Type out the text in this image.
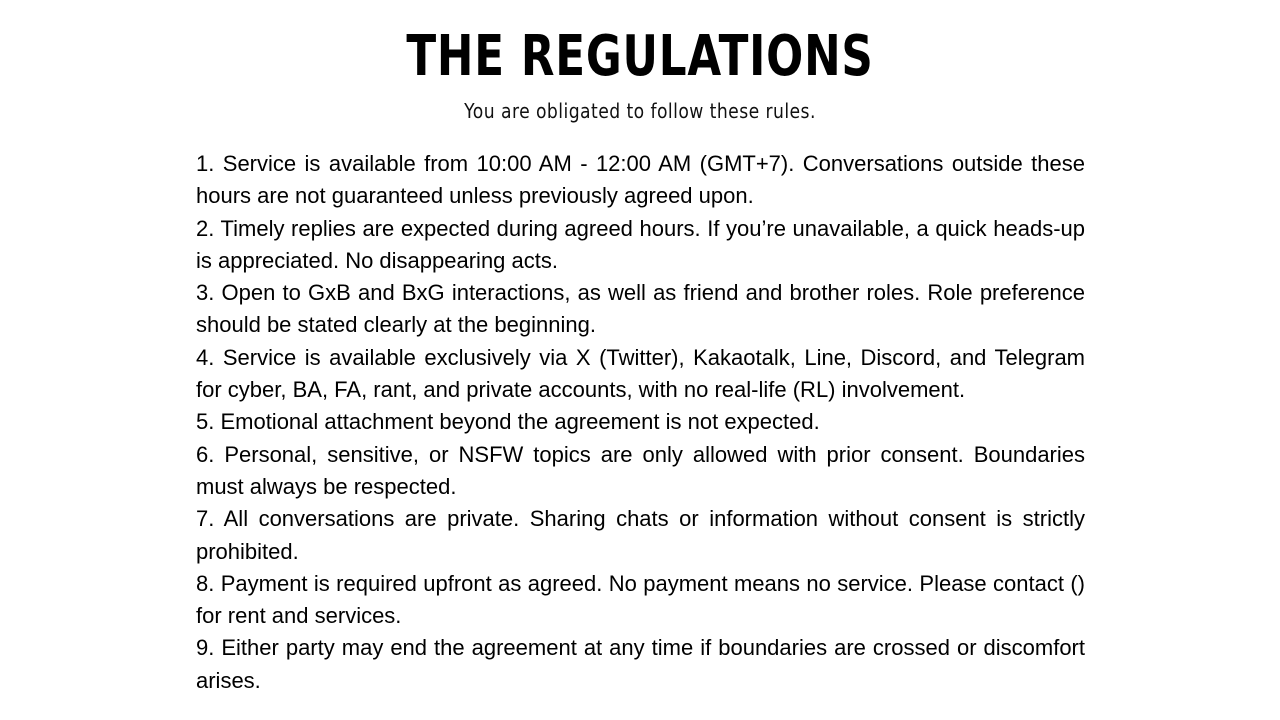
THE REGULATIONS

You are obligated to follow these rules.

1. Service is available from 10:00 AM - 12:00 AM (GMT+7). Conversations outside these hours are not guaranteed unless previously agreed upon.
2. Timely replies are expected during agreed hours. If you’re unavailable, a quick heads-up is appreciated. No disappearing acts.
3. Open to GxB and BxG interactions, as well as friend and brother roles. Role preference should be stated clearly at the beginning.
4. Service is available exclusively via X (Twitter), Kakaotalk, Line, Discord, and Telegram for cyber, BA, FA, rant, and private accounts, with no real-life (RL) involvement.
5. Emotional attachment beyond the agreement is not expected.
6. Personal, sensitive, or NSFW topics are only allowed with prior consent. Boundaries must always be respected.
7. All conversations are private. Sharing chats or information without consent is strictly prohibited.
8. Payment is required upfront as agreed. No payment means no service. Please contact () for rent and services.
9. Either party may end the agreement at any time if boundaries are crossed or discomfort arises.
